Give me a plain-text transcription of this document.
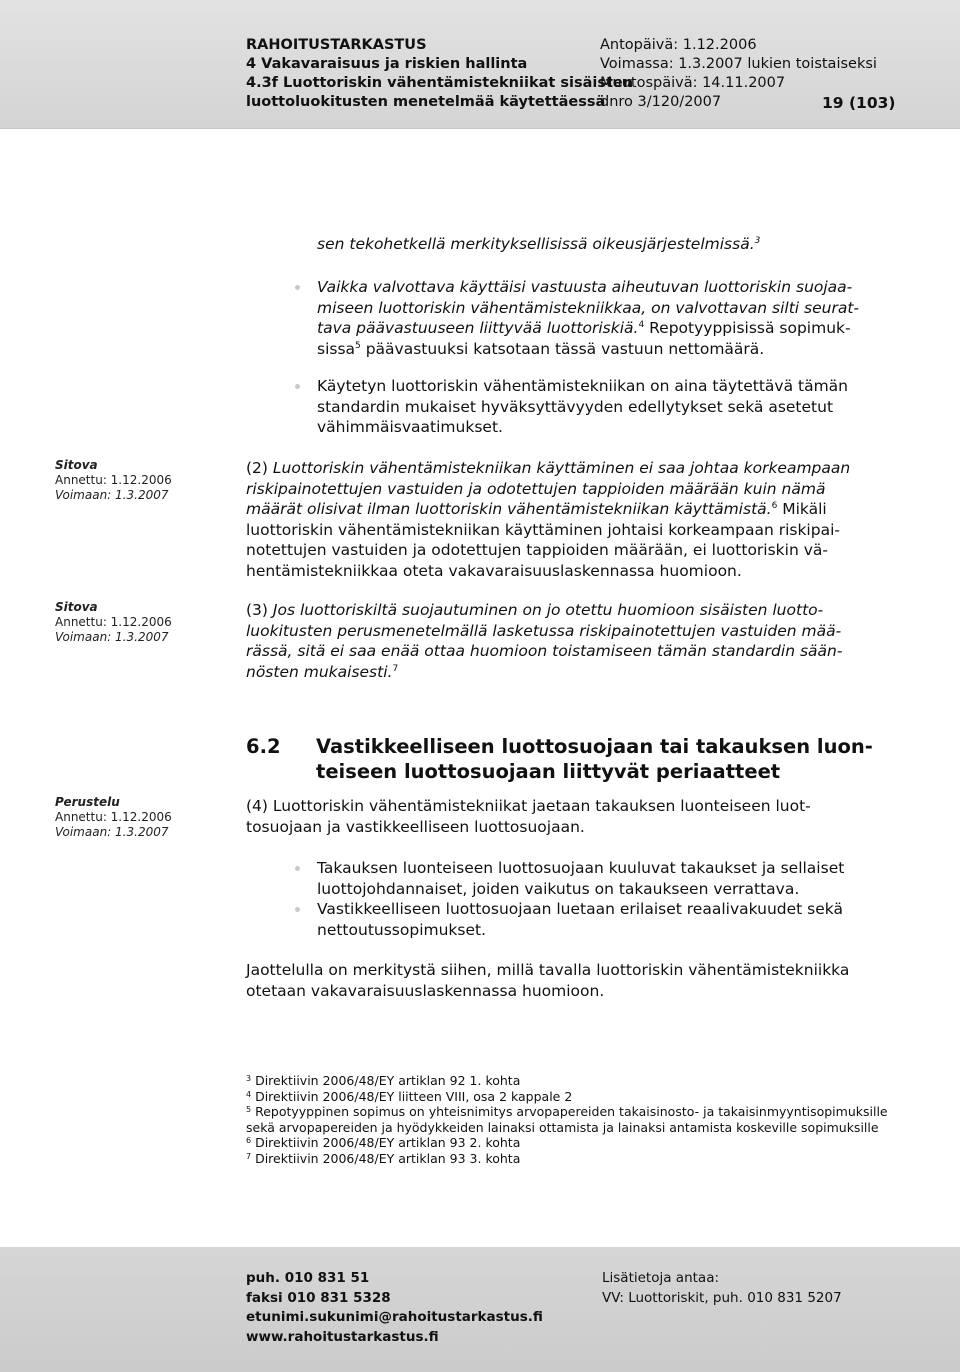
RAHOITUSTARKASTUS
4 Vakavaraisuus ja riskien hallinta
4.3f Luottoriskin vähentämistekniikat sisäisten
luottoluokitusten menetelmää käytettäessä
Antopäivä: 1.12.2006
Voimassa: 1.3.2007 lukien toistaiseksi
Muutospäivä: 14.11.2007
dnro 3/120/2007	19 (103)
sen tekohetkellä merkityksellisissä oikeusjärjestelmissä.$^3$
Vaikka valvottava käyttäisi vastuusta aiheutuvan luottoriskin suojaa-
miseen luottoriskin vähentämistekniikkaa, on valvottavan silti seurat-
tava päävastuuseen liittyvää luottoriskiä.$^4$ Repotyyppisissä sopimuk-
sissa$^5$ päävastuuksi katsotaan tässä vastuun nettomäärä.
Käytetyn luottoriskin vähentämistekniikan on aina täytettävä tämän
standardin mukaiset hyväksyttävyyden edellytykset sekä asetetut
vähimmäisvaatimukset.
Sitova
Annettu: 1.12.2006
Voimaan: 1.3.2007
(2) Luottoriskin vähentämistekniikan käyttäminen ei saa johtaa korkeampaan
riskipainotettujen vastuiden ja odotettujen tappioiden määrään kuin nämä
määrät olisivat ilman luottoriskin vähentämistekniikan käyttämistä.$^6$ Mikäli
luottoriskin vähentämistekniikan käyttäminen johtaisi korkeampaan riskipai-
notettujen vastuiden ja odotettujen tappioiden määrään, ei luottoriskin vä-
hentämistekniikkaa oteta vakavaraisuuslaskennassa huomioon.
Sitova
Annettu: 1.12.2006
Voimaan: 1.3.2007
(3) Jos luottoriskiltä suojautuminen on jo otettu huomioon sisäisten luotto-
luokitusten perusmenetelmällä lasketussa riskipainotettujen vastuiden mää-
rässä, sitä ei saa enää ottaa huomioon toistamiseen tämän standardin sään-
nösten mukaisesti.$^7$
6.2 Vastikkeelliseen luottosuojaan tai takauksen luon-
teiseen luottosuojaan liittyvät periaatteet
Perustelu
Annettu: 1.12.2006
Voimaan: 1.3.2007
(4) Luottoriskin vähentämistekniikat jaetaan takauksen luonteiseen luot-
tosuojaan ja vastikkeelliseen luottosuojaan.
Takauksen luonteiseen luottosuojaan kuuluvat takaukset ja sellaiset
luottojohdannaiset, joiden vaikutus on takaukseen verrattava.
Vastikkeelliseen luottosuojaan luetaan erilaiset reaalivakuudet sekä
nettoutussopimukset.
Jaottelulla on merkitystä siihen, millä tavalla luottoriskin vähentämistekniikka
otetaan vakavaraisuuslaskennassa huomioon.
$^3$ Direktiivin 2006/48/EY artiklan 92 1. kohta
$^4$ Direktiivin 2006/48/EY liitteen VIII, osa 2 kappale 2
$^5$ Repotyyppinen sopimus on yhteisnimitys arvopapereiden takaisinosto- ja takaisinmyyntisopimuksille
sekä arvopapereiden ja hyödykkeiden lainaksi ottamista ja lainaksi antamista koskeville sopimuksille
$^6$ Direktiivin 2006/48/EY artiklan 93 2. kohta
$^7$ Direktiivin 2006/48/EY artiklan 93 3. kohta
puh. 010 831 51
faksi 010 831 5328
etunimi.sukunimi@rahoitustarkastus.fi
www.rahoitustarkastus.fi
Lisätietoja antaa:
VV: Luottoriskit, puh. 010 831 5207
